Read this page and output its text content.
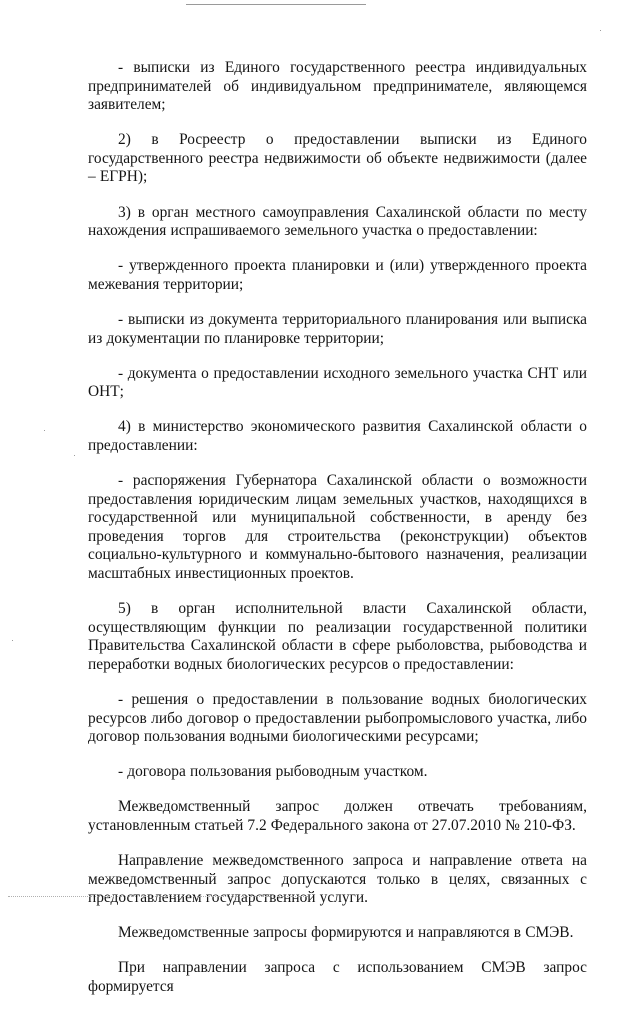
- выписки из Единого государственного реестра индивидуальных предпринимателей об индивидуальном предпринимателе, являющемся заявителем;

2) в Росреестр о предоставлении выписки из Единого государственного реестра недвижимости об объекте недвижимости (далее – ЕГРН);

3) в орган местного самоуправления Сахалинской области по месту нахождения испрашиваемого земельного участка о предоставлении:

- утвержденного проекта планировки и (или) утвержденного проекта межевания территории;

- выписки из документа территориального планирования или выписка из документации по планировке территории;

- документа о предоставлении исходного земельного участка СНТ или ОНТ;

4) в министерство экономического развития Сахалинской области о предоставлении:

- распоряжения Губернатора Сахалинской области о возможности предоставления юридическим лицам земельных участков, находящихся в государственной или муниципальной собственности, в аренду без проведения торгов для строительства (реконструкции) объектов социально-культурного и коммунально-бытового назначения, реализации масштабных инвестиционных проектов.

5) в орган исполнительной власти Сахалинской области, осуществляющим функции по реализации государственной политики Правительства Сахалинской области в сфере рыболовства, рыбоводства и переработки водных биологических ресурсов о предоставлении:

- решения о предоставлении в пользование водных биологических ресурсов либо договор о предоставлении рыбопромыслового участка, либо договор пользования водными биологическими ресурсами;

- договора пользования рыбоводным участком.

Межведомственный запрос должен отвечать требованиям, установленным статьей 7.2 Федерального закона от 27.07.2010 № 210-ФЗ.

Направление межведомственного запроса и направление ответа на межведомственный запрос допускаются только в целях, связанных с предоставлением государственной услуги.

Межведомственные запросы формируются и направляются в СМЭВ.

При направлении запроса с использованием СМЭВ запрос формируется
